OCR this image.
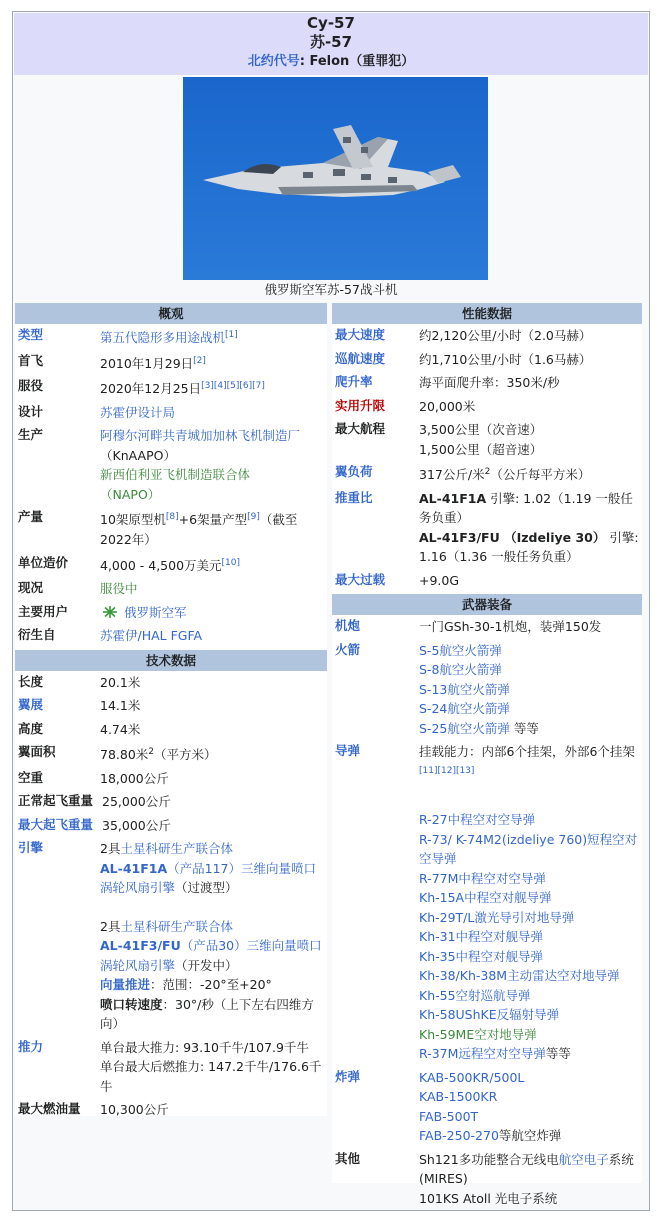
Су-57
苏-57
北约代号: Felon（重罪犯）
俄罗斯空军苏-57战斗机
概观
类型	第五代隐形多用途战机[1]
首飞	2010年1月29日[2]
服役	2020年12月25日[3][4][5][6][7]
设计	苏霍伊设计局
生产	阿穆尔河畔共青城加加林飞机制造厂
（KnAAPO）
新西伯利亚飞机制造联合体
（NAPO）
产量	10架原型机[8]+6架量产型[9]（截至2022年）
单位造价	4,000 - 4,500万美元[10]
现况	服役中
主要用户	俄罗斯空军
衍生自	苏霍伊/HAL FGFA
技术数据
长度	20.1米
翼展	14.1米
高度	4.74米
翼面积	78.80米$^2$（平方米）
空重	18,000公斤
正常起飞重量 25,000公斤
最大起飞重量 35,000公斤
引擎	2具土星科研生产联合体
AL-41F1A（产品117）三维向量喷口涡轮风扇引擎（过渡型）
2具土星科研生产联合体
AL-41F3/FU（产品30）三维向量喷口涡轮风扇引擎（开发中）
向量推进：范围：-20°至+20°
喷口转速度：30°/秒（上下左右四维方向）
推力	单台最大推力: 93.10千牛/107.9千牛
单台最大后燃推力: 147.2千牛/176.6千牛
最大燃油量	10,300公斤
性能数据
最大速度	约2,120公里/小时（2.0马赫）
巡航速度	约1,710公里/小时（1.6马赫）
爬升率	海平面爬升率：350米/秒
实用升限	20,000米
最大航程	3,500公里（次音速）
1,500公里（超音速）
翼负荷	317公斤/米$^2$（公斤每平方米）
推重比	AL-41F1A 引擎: 1.02（1.19 一般任务负重）
AL-41F3/FU （Izdeliye 30） 引擎: 1.16（1.36 一般任务负重）
最大过载	+9.0G
武器装备
机炮	一门GSh-30-1机炮，装弹150发
火箭	S-5航空火箭弹
S-8航空火箭弹
S-13航空火箭弹
S-24航空火箭弹
S-25航空火箭弹 等等
导弹	挂载能力：内部6个挂架，外部6个挂架[11][12][13]
R-27中程空对空导弹
R-73/ K-74M2(izdeliye 760)短程空对空导弹
R-77M中程空对空导弹
Kh-15A中程空对舰导弹
Kh-29T/L激光导引对地导弹
Kh-31中程空对舰导弹
Kh-35中程空对舰导弹
Kh-38/Kh-38M主动雷达空对地导弹
Kh-55空射巡航导弹
Kh-58UShKE反辐射导弹
Kh-59ME空对地导弹
R-37M远程空对空导弹等等
炸弹	KAB-500KR/500L
KAB-1500KR
FAB-500T
FAB-250-270等航空炸弹
其他	Sh121多功能整合无线电航空电子系统(MIRES)
101KS Atoll 光电子系统
